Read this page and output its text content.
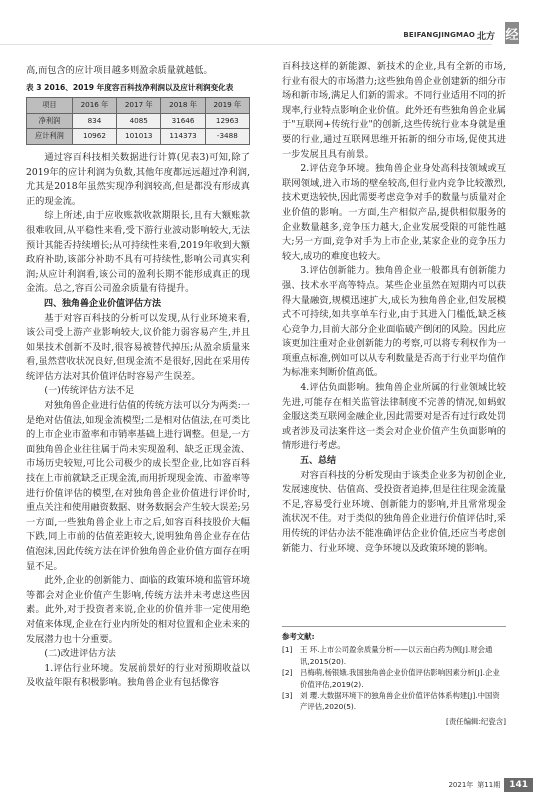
BEIFANGJINGMAO 北方 经

高,而包含的应计项目越多则盈余质量就越低。

表 3 2016、2019 年度容百科技净利润以及应计利润变化表
项目	2016 年	2017 年	2018 年	2019 年
净利润	834	4085	31646	12963
应计利润	10962	101013	114373	-3488

通过容百科技相关数据进行计算(见表3)可知,除了2019年的应计利润为负数,其他年度都远远超过净利润,尤其是2018年虽然实现净利润较高,但是都没有形成真正的现金流。

综上所述,由于应收账款收款期限长,且有大额账款很难收回,从平稳性来看,受下游行业波动影响较大,无法预计其能否持续增长;从可持续性来看,2019年收到大额政府补助,该部分补助不具有可持续性,影响公司真实利润;从应计利润看,该公司的盈利长期不能形成真正的现金流。总之,容百公司盈余质量有待提升。

四、独角兽企业价值评估方法

基于对容百科技的分析可以发现,从行业环境来看,该公司受上游产业影响较大,议价能力弱容易产生,并且如果技术创新不及时,很容易被替代掉压;从盈余质量来看,虽然营收状况良好,但现金流不是很好,因此在采用传统评估方法对其价值评估时容易产生误差。

(一)传统评估方法不足

对独角兽企业进行估值的传统方法可以分为两类:一是绝对估值法,如现金流模型;二是相对估值法,在可类比的上市企业市盈率和市销率基础上进行调整。但是,一方面独角兽企业往往属于尚未实现盈利、缺乏正现金流、市场历史较短,可比公司极少的成长型企业,比如容百科技在上市前就缺乏正现金流,而用折现现金流、市盈率等进行价值评估的模型,在对独角兽企业价值进行评价时,重点关注和使用融资数据、财务数据会产生较大误差;另一方面,一些独角兽企业上市之后,如容百科技股价大幅下跌,同上市前的估值差距较大,说明独角兽企业存在估值泡沫,因此传统方法在评价独角兽企业价值方面存在明显不足。

此外,企业的创新能力、面临的政策环境和监管环境等都会对企业价值产生影响,传统方法并未考虑这些因素。此外,对于投资者来说,企业的价值并非一定使用绝对值来体现,企业在行业内所处的相对位置和企业未来的发展潜力也十分重要。

(二)改进评估方法

1.评估行业环境。发展前景好的行业对预期收益以及收益年限有积极影响。独角兽企业有包括像容

百科技这样的新能源、新技术的企业,具有全新的市场,行业有很大的市场潜力;这些独角兽企业创建新的细分市场和新市场,满足人们新的需求。不同行业适用不同的折现率,行业特点影响企业价值。此外还有些独角兽企业属于"互联网+传统行业"的创新,这些传统行业本身就是重要的行业,通过互联网思维开拓新的细分市场,促使其进一步发展且具有前景。

2.评估竞争环境。独角兽企业身处高科技领域或互联网领域,进入市场的壁垒较高,但行业内竞争比较激烈,技术更迭较快,因此需要考虑竞争对手的数量与质量对企业价值的影响。一方面,生产相似产品,提供相似服务的企业数量越多,竞争压力越大,企业发展受限的可能性越大;另一方面,竞争对手为上市企业,某家企业的竞争压力较大,成功的难度也较大。

3.评估创新能力。独角兽企业一般都具有创新能力强、技术水平高等特点。某些企业虽然在短期内可以获得大量融资,规模迅速扩大,成长为独角兽企业,但发展模式不可持续,如共享单车行业,由于其进入门槛低,缺乏核心竞争力,目前大部分企业面临破产倒闭的风险。因此应该更加注重对企业创新能力的考察,可以将专利权作为一项重点标准,例如可以从专利数量是否高于行业平均值作为标准来判断价值高低。

4.评估负面影响。独角兽企业所属的行业领域比较先进,可能存在相关监管法律制度不完善的情况,如蚂蚁金服这类互联网金融企业,因此需要对是否有过行政处罚或者涉及司法案件这一类会对企业价值产生负面影响的情形进行考虑。

五、总结

对容百科技的分析发现由于该类企业多为初创企业,发展速度快、估值高、受投资者追捧,但是往往现金流量不足,容易受行业环境、创新能力的影响,并且常常现金流状况不佳。对于类似的独角兽企业进行价值评估时,采用传统的评估办法不能准确评估企业价值,还应当考虑创新能力、行业环境、竞争环境以及政策环境的影响。

参考文献:
[1]	王 环.上市公司盈余质量分析——以云南白药为例[J].财会通讯,2015(20).
[2]	吕梅萌,杨银娥.我国独角兽企业价值评估影响因素分析[J].企业价值评估,2019(2).
[3]	刘 璎.大数据环境下的独角兽企业价值评估体系构建[J].中国资产评估,2020(5).
[责任编辑:纪瓷含]
2021年 第11期	141
